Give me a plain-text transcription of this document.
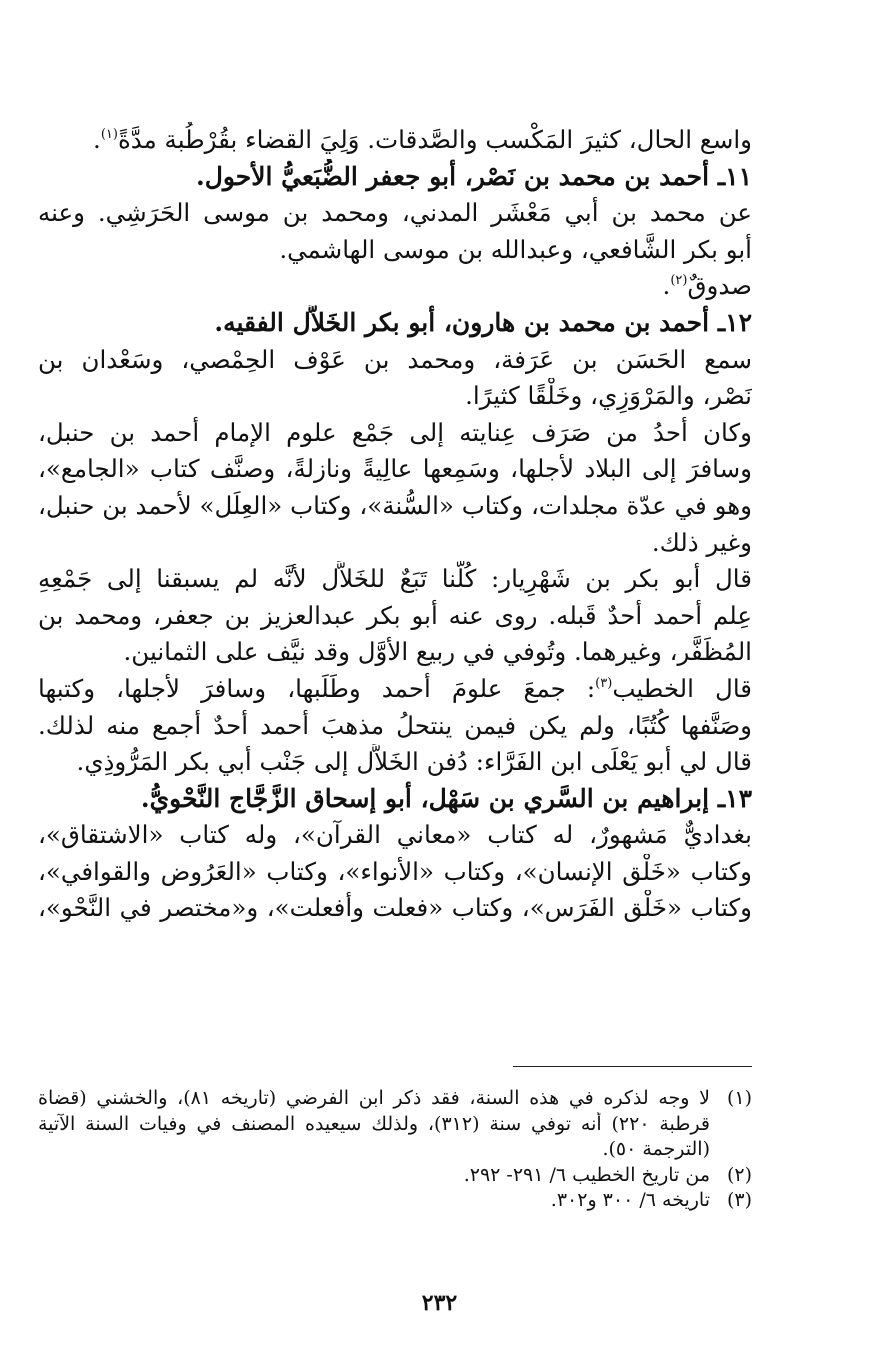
واسع الحال، كثيرَ المَكْسب والصَّدقات. وَلِيَ القضاء بقُرْطُبة مدَّةً$^{(١)}$.
١١ـ أحمد بن محمد بن نَصْر، أبو جعفر الضُّبَعيُّ الأحول.
عن محمد بن أبي مَعْشَر المدني، ومحمد بن موسى الحَرَشِي. وعنه
أبو بكر الشَّافعي، وعبدالله بن موسى الهاشمي.
صدوقٌ$^{(٢)}$.
١٢ـ أحمد بن محمد بن هارون، أبو بكر الخَلاَّل الفقيه.
سمع الحَسَن بن عَرَفة، ومحمد بن عَوْف الحِمْصي، وسَعْدان بن
نَصْر، والمَرْوَزِي، وخَلْقًا كثيرًا.
وكان أحدُ من صَرَف عِنايته إلى جَمْع علوم الإمام أحمد بن حنبل،
وسافرَ إلى البلاد لأجلها، وسَمِعها عالِيةً ونازلةً، وصنَّف كتاب «الجامع»،
وهو في عدّة مجلدات، وكتاب «السُّنة»، وكتاب «العِلَل» لأحمد بن حنبل،
وغير ذلك.
قال أبو بكر بن شَهْرِيار: كُلُّنا تَبَعٌ للخَلاَّل لأنَّه لم يسبقنا إلى جَمْعِهِ
عِلم أحمد أحدٌ قَبله. روى عنه أبو بكر عبدالعزيز بن جعفر، ومحمد بن
المُظَفَّر، وغيرهما. وتُوفي في ربيع الأوَّل وقد نيَّف على الثمانين.
قال الخطيب$^{(٣)}$: جمعَ علومَ أحمد وطَلَبها، وسافرَ لأجلها، وكتبها
وصَنَّفها كُتُبًا، ولم يكن فيمن ينتحلُ مذهبَ أحمد أحدٌ أجمع منه لذلك.
قال لي أبو يَعْلَى ابن الفَرَّاء: دُفن الخَلاَّل إلى جَنْب أبي بكر المَرُّوذِي.
١٣ـ إبراهيم بن السَّري بن سَهْل، أبو إسحاق الزَّجَّاج النَّحْويُّ.
بغداديٌّ مَشهورٌ، له كتاب «معاني القرآن»، وله كتاب «الاشتقاق»،
وكتاب «خَلْق الإنسان»، وكتاب «الأنواء»، وكتاب «العَرُوض والقوافي»،
وكتاب «خَلْق الفَرَس»، وكتاب «فعلت وأفعلت»، و«مختصر في النَّحْو»،
(١)
لا وجه لذكره في هذه السنة، فقد ذكر ابن الفرضي (تاريخه ٨١)، والخشني (قضاة
قرطبة ٢٢٠) أنه توفي سنة (٣١٢)، ولذلك سيعيده المصنف في وفيات السنة الآتية
(الترجمة ٥٠).
(٢)
من تاريخ الخطيب ٦/ ٢٩١- ٢٩٢.
(٣)
تاريخه ٦/ ٣٠٠ و٣٠٢.
٢٣٢
